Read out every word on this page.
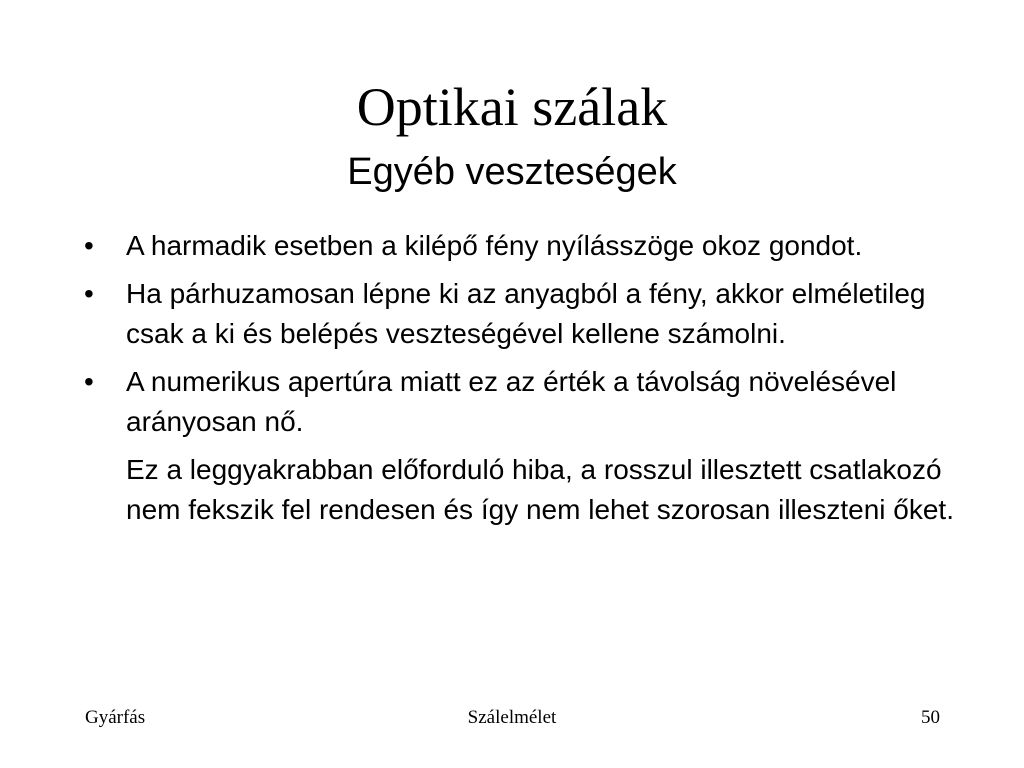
Optikai szálak
Egyéb veszteségek
• A harmadik esetben a kilépő fény nyílásszöge okoz gondot.
• Ha párhuzamosan lépne ki az anyagból a fény, akkor elméletileg csak a ki és belépés veszteségével kellene számolni.
• A numerikus apertúra miatt ez az érték a távolság növelésével arányosan nő.
Ez a leggyakrabban előforduló hiba, a rosszul illesztett csatlakozó nem fekszik fel rendesen és így nem lehet szorosan illeszteni őket.
Gyárfás	Szálelmélet	50
